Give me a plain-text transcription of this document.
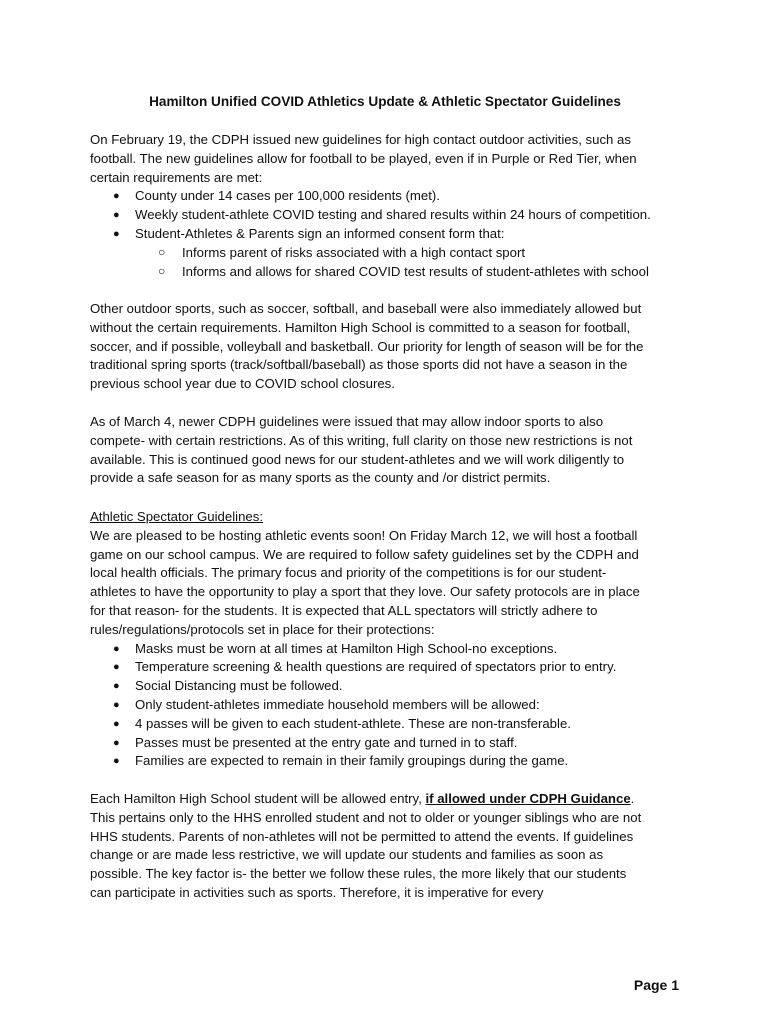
Hamilton Unified COVID Athletics Update & Athletic Spectator Guidelines

On February 19, the CDPH issued new guidelines for high contact outdoor activities, such as
football. The new guidelines allow for football to be played, even if in Purple or Red Tier, when
certain requirements are met:

● County under 14 cases per 100,000 residents (met).
● Weekly student-athlete COVID testing and shared results within 24 hours of competition.
● Student-Athletes & Parents sign an informed consent form that:
○ Informs parent of risks associated with a high contact sport
○ Informs and allows for shared COVID test results of student-athletes with school
Other outdoor sports, such as soccer, softball, and baseball were also immediately allowed but
without the certain requirements. Hamilton High School is committed to a season for football,
soccer, and if possible, volleyball and basketball. Our priority for length of season will be for the
traditional spring sports (track/softball/baseball) as those sports did not have a season in the
previous school year due to COVID school closures.
As of March 4, newer CDPH guidelines were issued that may allow indoor sports to also
compete- with certain restrictions. As of this writing, full clarity on those new restrictions is not
available. This is continued good news for our student-athletes and we will work diligently to
provide a safe season for as many sports as the county and /or district permits.
Athletic Spectator Guidelines:
We are pleased to be hosting athletic events soon! On Friday March 12, we will host a football
game on our school campus. We are required to follow safety guidelines set by the CDPH and
local health officials. The primary focus and priority of the competitions is for our student-
athletes to have the opportunity to play a sport that they love. Our safety protocols are in place
for that reason- for the students. It is expected that ALL spectators will strictly adhere to
rules/regulations/protocols set in place for their protections:
● Masks must be worn at all times at Hamilton High School-no exceptions.
● Temperature screening & health questions are required of spectators prior to entry.
● Social Distancing must be followed.
● Only student-athletes immediate household members will be allowed:
● 4 passes will be given to each student-athlete. These are non-transferable.
● Passes must be presented at the entry gate and turned in to staff.
● Families are expected to remain in their family groupings during the game.
Each Hamilton High School student will be allowed entry, if allowed under CDPH Guidance.
This pertains only to the HHS enrolled student and not to older or younger siblings who are not
HHS students. Parents of non-athletes will not be permitted to attend the events. If guidelines
change or are made less restrictive, we will update our students and families as soon as
possible. The key factor is- the better we follow these rules, the more likely that our students
can participate in activities such as sports. Therefore, it is imperative for every
Page 1
